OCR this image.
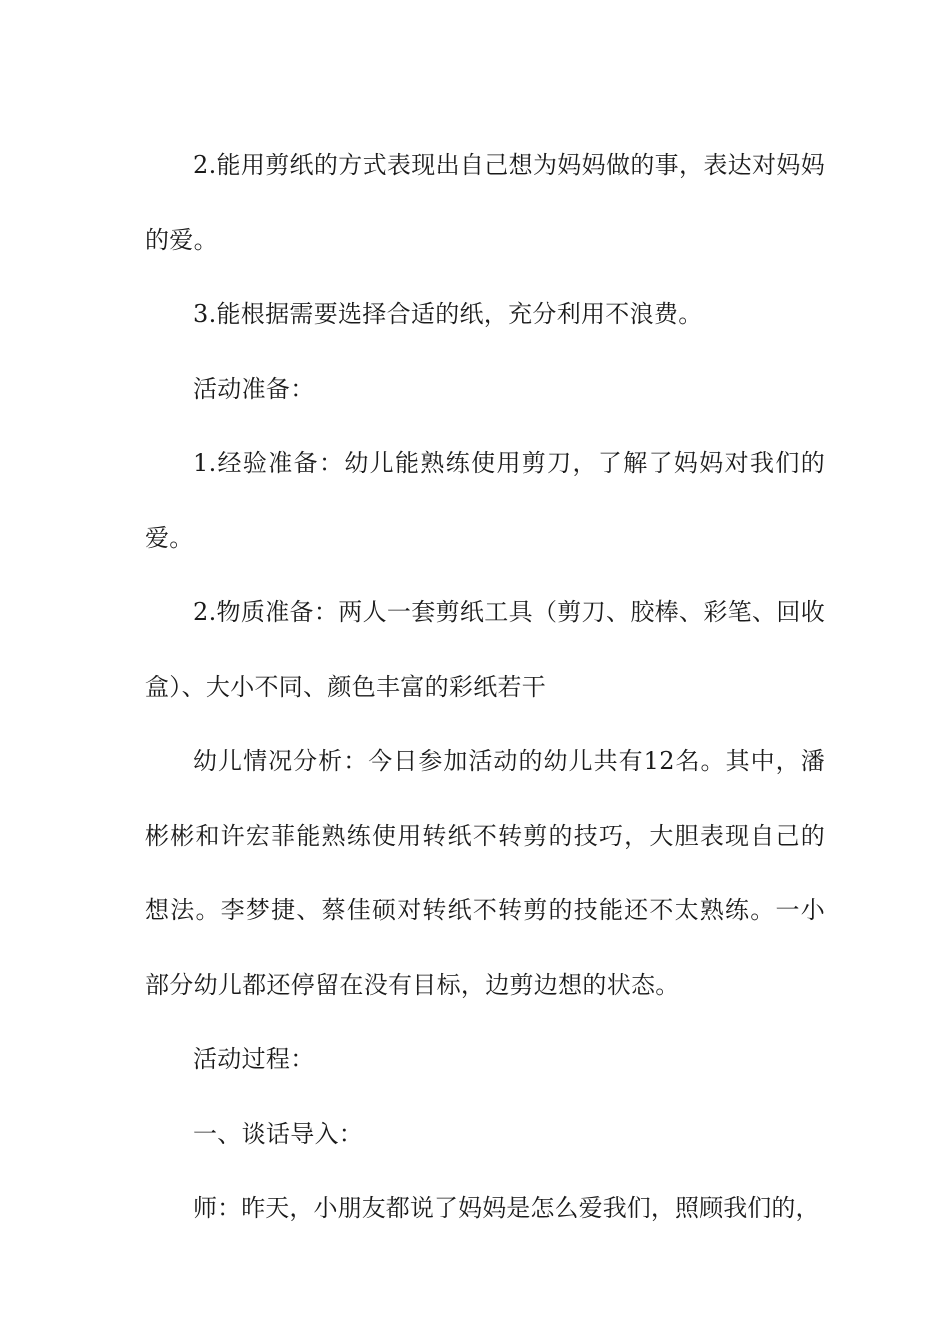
2.能用剪纸的方式表现出自己想为妈妈做的事，表达对妈妈的爱。

3.能根据需要选择合适的纸，充分利用不浪费。

活动准备：

1.经验准备：幼儿能熟练使用剪刀，了解了妈妈对我们的爱。

2.物质准备：两人一套剪纸工具（剪刀、胶棒、彩笔、回收盒）、大小不同、颜色丰富的彩纸若干

幼儿情况分析：今日参加活动的幼儿共有12名。其中，潘彬彬和许宏菲能熟练使用转纸不转剪的技巧，大胆表现自己的想法。李梦捷、蔡佳硕对转纸不转剪的技能还不太熟练。一小部分幼儿都还停留在没有目标，边剪边想的状态。

活动过程：

一、谈话导入：

师：昨天，小朋友都说了妈妈是怎么爱我们，照顾我们的，
